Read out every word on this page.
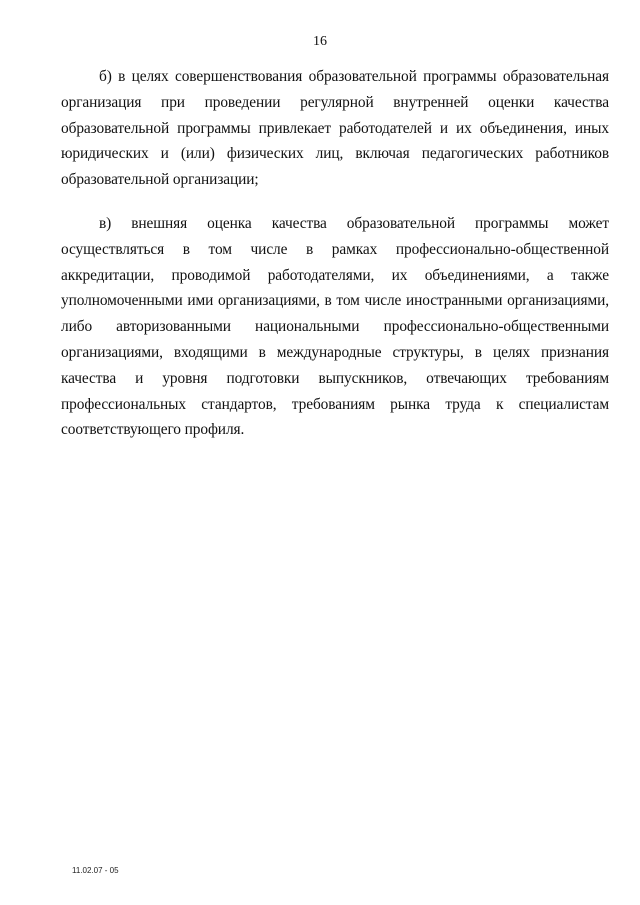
16

б) в целях совершенствования образовательной программы образовательная организация при проведении регулярной внутренней оценки качества образовательной программы привлекает работодателей и их объединения, иных юридических и (или) физических лиц, включая педагогических работников образовательной организации;

в) внешняя оценка качества образовательной программы может осуществляться в том числе в рамках профессионально-общественной аккредитации, проводимой работодателями, их объединениями, а также уполномоченными ими организациями, в том числе иностранными организациями, либо авторизованными национальными профессионально-общественными организациями, входящими в международные структуры, в целях признания качества и уровня подготовки выпускников, отвечающих требованиям профессиональных стандартов, требованиям рынка труда к специалистам соответствующего профиля.

11.02.07 - 05
